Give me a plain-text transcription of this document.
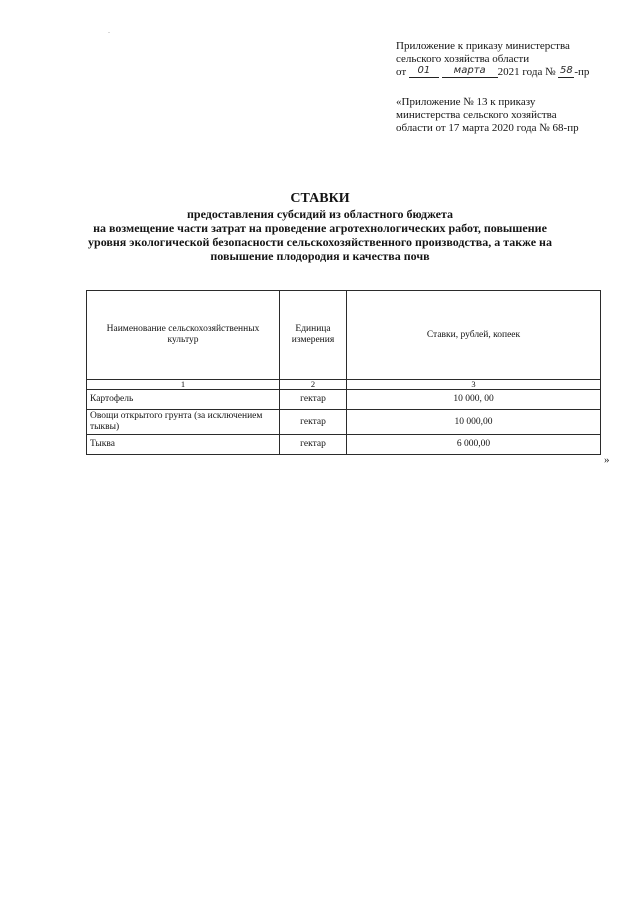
-
Приложение к приказу министерства
сельского хозяйства области
от 01 марта 2021 года № 58 -пр
«Приложение № 13 к приказу
министерства сельского хозяйства
области от 17 марта 2020 года № 68-пр
СТАВКИ
предоставления субсидий из областного бюджета
на возмещение части затрат на проведение агротехнологических работ, повышение
уровня экологической безопасности сельскохозяйственного производства, а также на
повышение плодородия и качества почв
Наименование сельскохозяйственных культур	Единица измерения	Ставки, рублей, копеек
1	2	3
Картофель	гектар	10 000, 00
Овощи открытого грунта (за исключением тыквы)	гектар	10 000,00
Тыква	гектар	6 000,00
»
